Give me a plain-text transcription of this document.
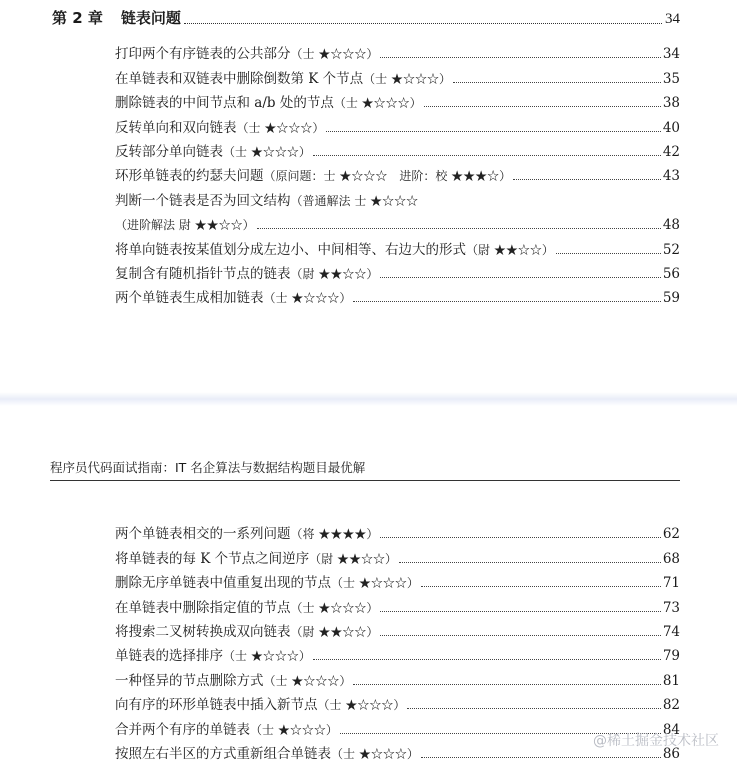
第 2 章 链表问题	34
打印两个有序链表的公共部分 （士 ★☆☆☆）	34
在单链表和双链表中删除倒数第 K 个节点 （士 ★☆☆☆）	35
删除链表的中间节点和 a/b 处的节点 （士 ★☆☆☆）	38
反转单向和双向链表 （士 ★☆☆☆）	40
反转部分单向链表 （士 ★☆☆☆）	42
环形单链表的约瑟夫问题 （原问题：士 ★☆☆☆　进阶：校 ★★★☆）	43
判断一个链表是否为回文结构 （普通解法 士 ★☆☆☆
（进阶解法 尉 ★★☆☆）	48
将单向链表按某值划分成左边小、中间相等、右边大的形式 （尉 ★★☆☆）	52
复制含有随机指针节点的链表 （尉 ★★☆☆）	56
两个单链表生成相加链表 （士 ★☆☆☆）	59
程序员代码面试指南：IT 名企算法与数据结构题目最优解
两个单链表相交的一系列问题 （将 ★★★★）	62
将单链表的每 K 个节点之间逆序 （尉 ★★☆☆）	68
删除无序单链表中值重复出现的节点 （士 ★☆☆☆）	71
在单链表中删除指定值的节点 （士 ★☆☆☆）	73
将搜索二叉树转换成双向链表 （尉 ★★☆☆）	74
单链表的选择排序 （士 ★☆☆☆）	79
一种怪异的节点删除方式 （士 ★☆☆☆）	81
向有序的环形单链表中插入新节点 （士 ★☆☆☆）	82
合并两个有序的单链表 （士 ★☆☆☆）	84
按照左右半区的方式重新组合单链表 （士 ★☆☆☆）	86
@稀土掘金技术社区
